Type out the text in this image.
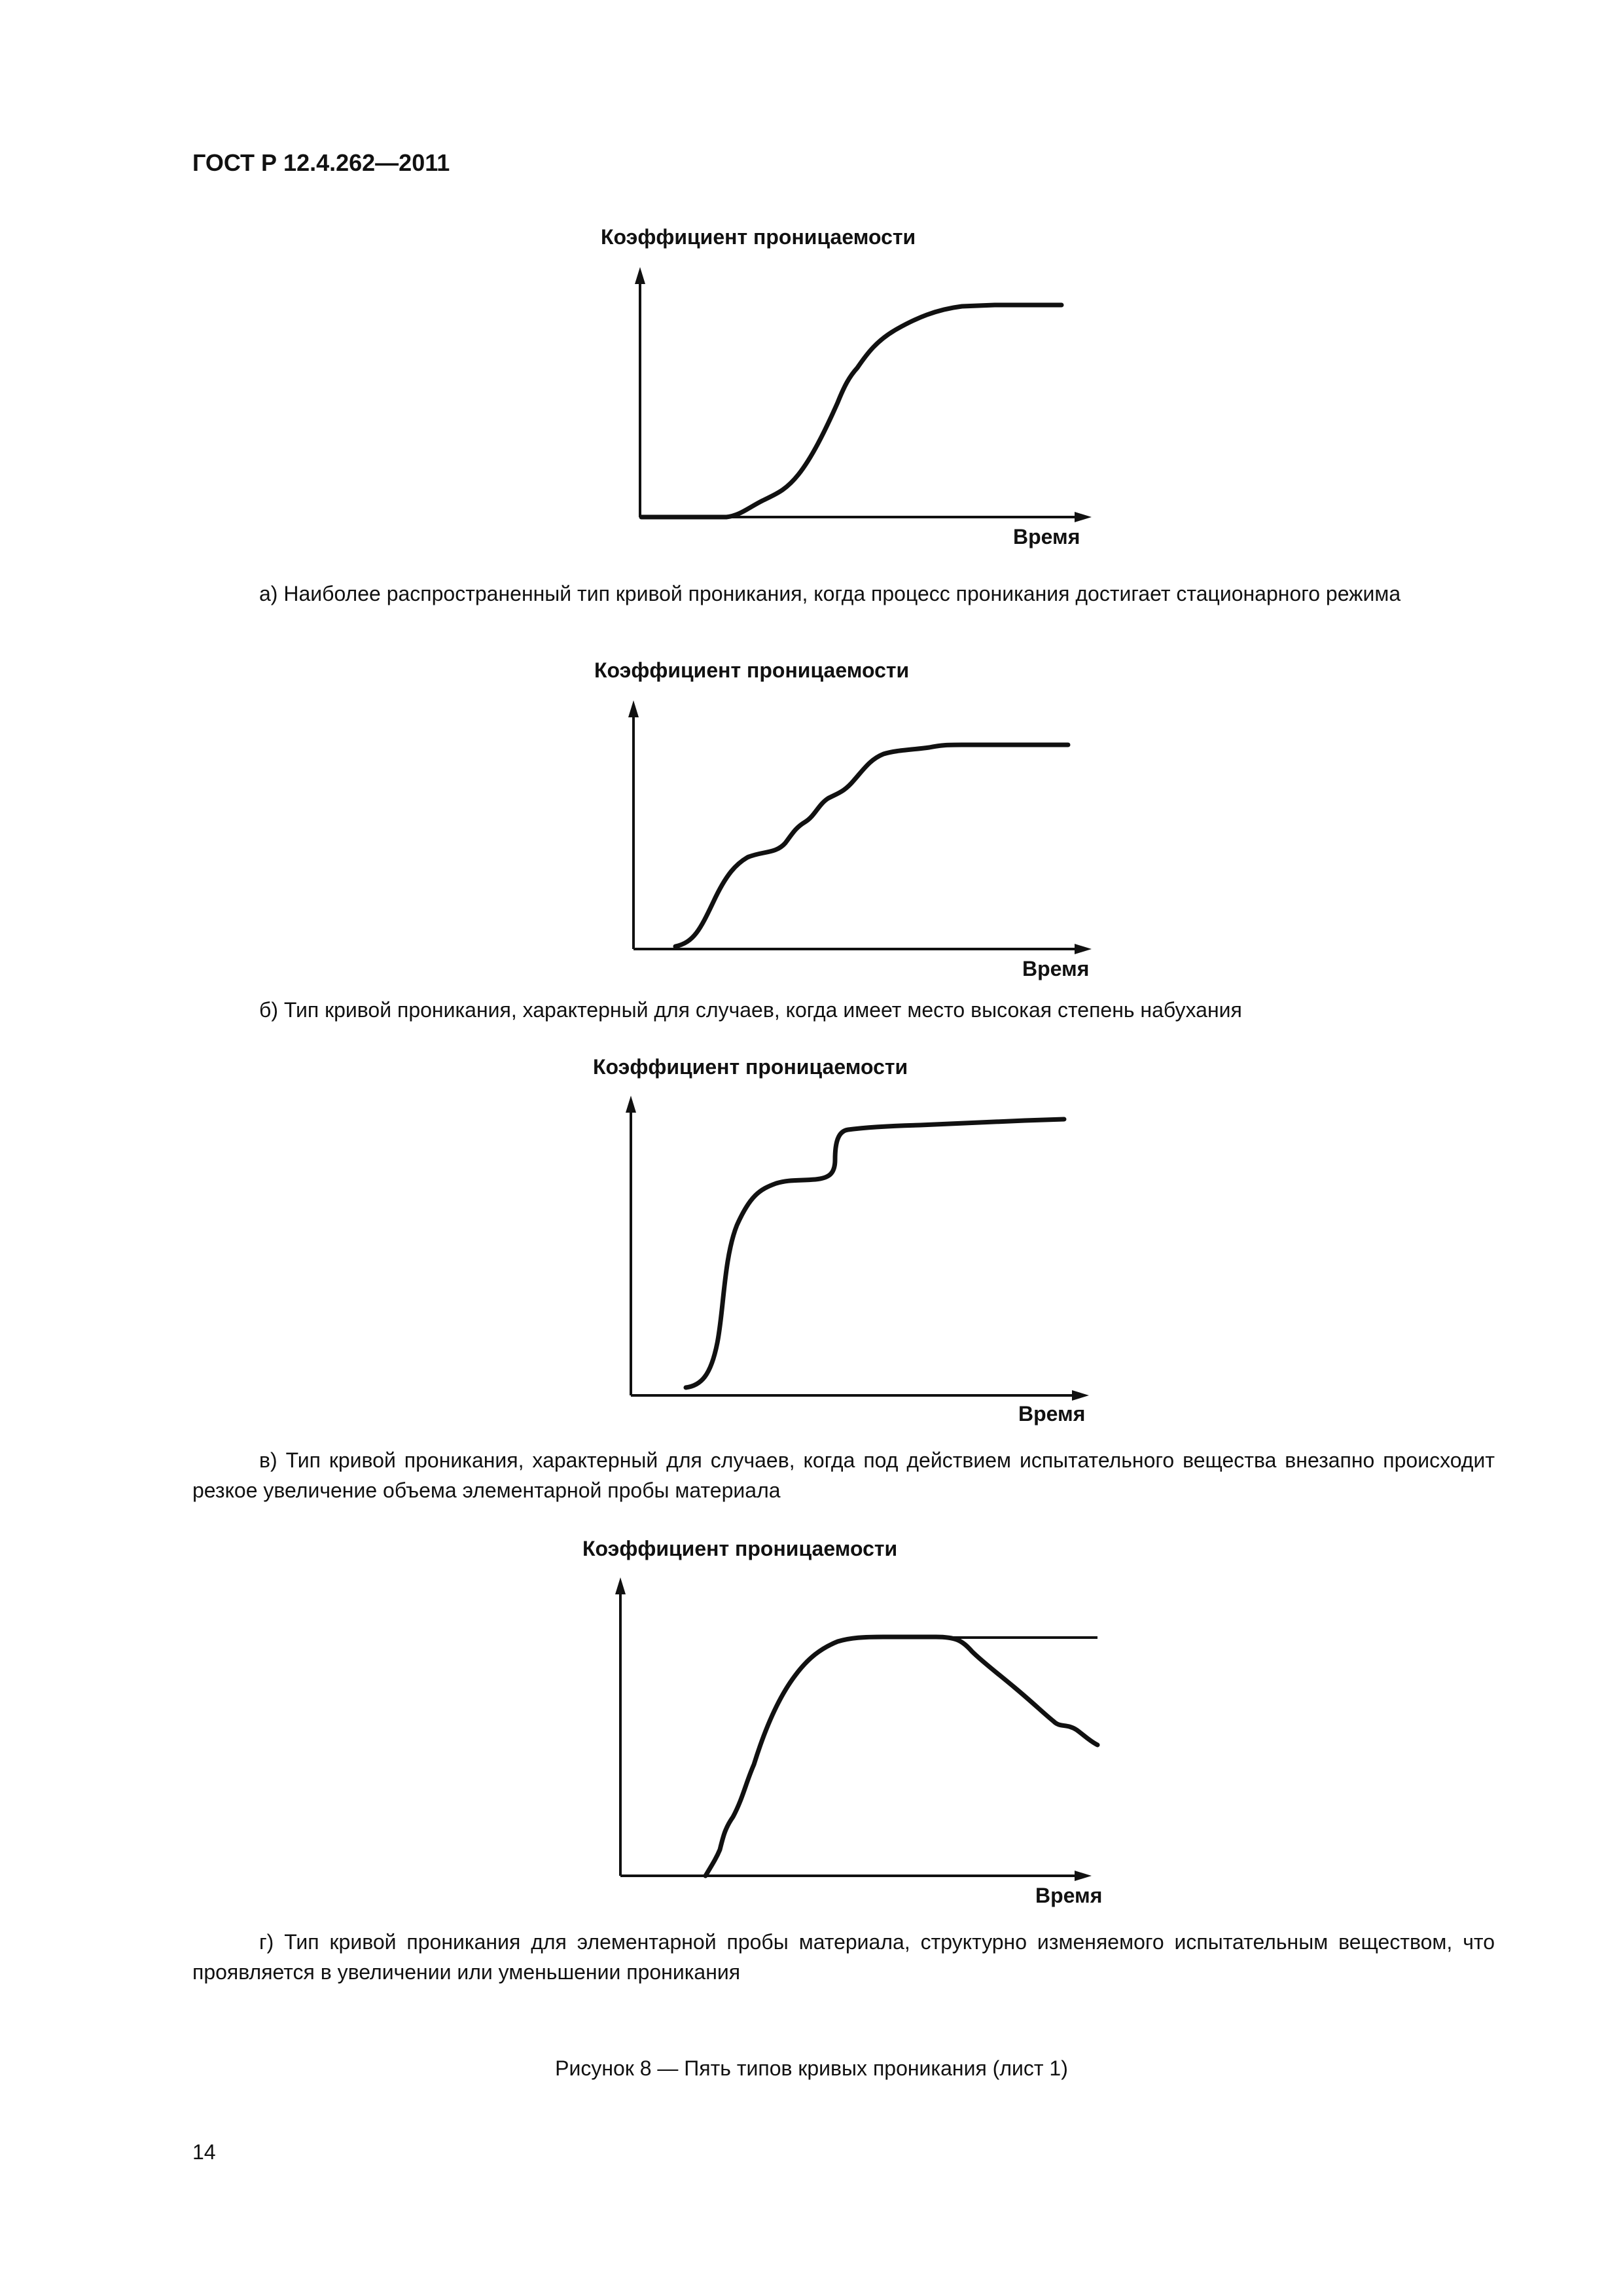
ГОСТ Р 12.4.262—2011
Коэффициент проницаемости
Время
а) Наиболее распространенный тип кривой проникания, когда процесс проникания достигает стационарного режима
Коэффициент проницаемости
Время
б) Тип кривой проникания, характерный для случаев, когда имеет место высокая степень набухания
Коэффициент проницаемости
Время
в) Тип кривой проникания, характерный для случаев, когда под действием испытательного вещества внезапно происходит резкое увеличение объема элементарной пробы материала
Коэффициент проницаемости
Время
г) Тип кривой проникания для элементарной пробы материала, структурно изменяемого испытательным веществом, что проявляется в увеличении или уменьшении проникания
Рисунок 8 — Пять типов кривых проникания (лист 1)
14
